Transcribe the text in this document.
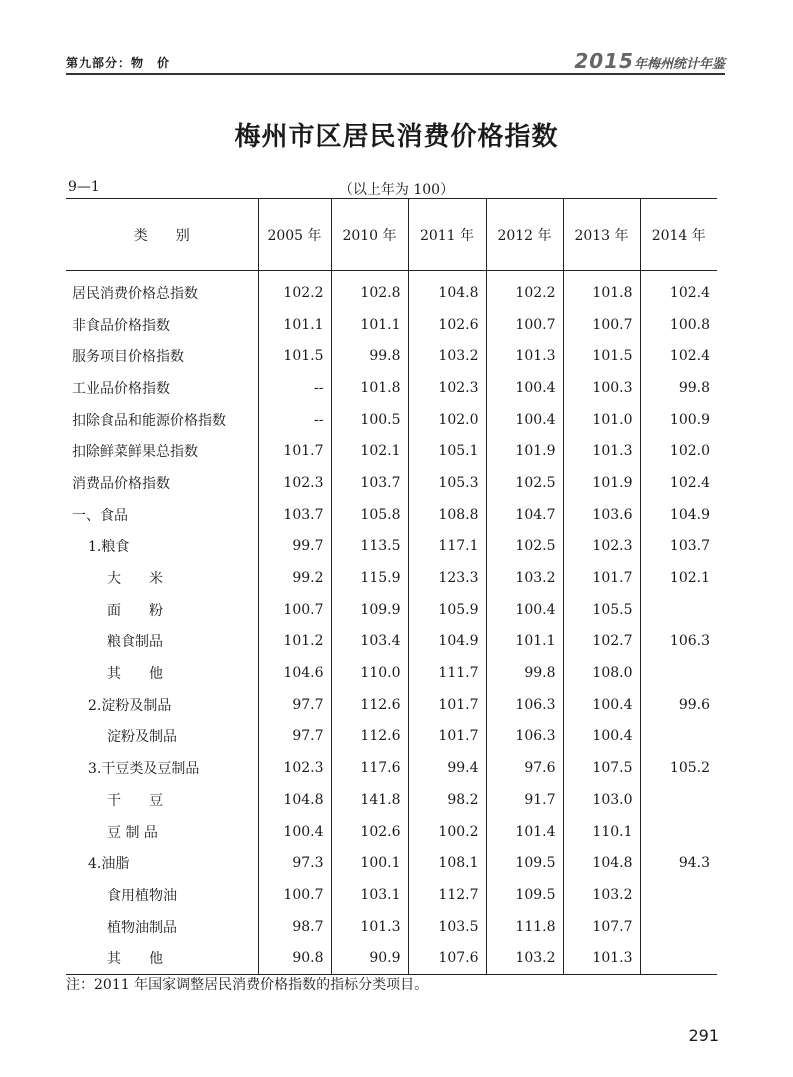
第九部分：物　价	2015年梅州统计年鉴
梅州市区居民消费价格指数
9—1	（以上年为 100）
类　　别	2005 年	2010 年	2011 年	2012 年	2013 年	2014 年
居民消费价格总指数	102.2	102.8	104.8	102.2	101.8	102.4
非食品价格指数	101.1	101.1	102.6	100.7	100.7	100.8
服务项目价格指数	101.5	99.8	103.2	101.3	101.5	102.4
工业品价格指数	--	101.8	102.3	100.4	100.3	99.8
扣除食品和能源价格指数	--	100.5	102.0	100.4	101.0	100.9
扣除鲜菜鲜果总指数	101.7	102.1	105.1	101.9	101.3	102.0
消费品价格指数	102.3	103.7	105.3	102.5	101.9	102.4
一、食品	103.7	105.8	108.8	104.7	103.6	104.9
1.粮食	99.7	113.5	117.1	102.5	102.3	103.7
大　　米	99.2	115.9	123.3	103.2	101.7	102.1
面　　粉	100.7	109.9	105.9	100.4	105.5	
粮食制品	101.2	103.4	104.9	101.1	102.7	106.3
其　　他	104.6	110.0	111.7	99.8	108.0	
2.淀粉及制品	97.7	112.6	101.7	106.3	100.4	99.6
淀粉及制品	97.7	112.6	101.7	106.3	100.4	
3.干豆类及豆制品	102.3	117.6	99.4	97.6	107.5	105.2
干　　豆	104.8	141.8	98.2	91.7	103.0	
豆 制 品	100.4	102.6	100.2	101.4	110.1	
4.油脂	97.3	100.1	108.1	109.5	104.8	94.3
食用植物油	100.7	103.1	112.7	109.5	103.2	
植物油制品	98.7	101.3	103.5	111.8	107.7	
其　　他	90.8	90.9	107.6	103.2	101.3	
注：2011 年国家调整居民消费价格指数的指标分类项目。
291
